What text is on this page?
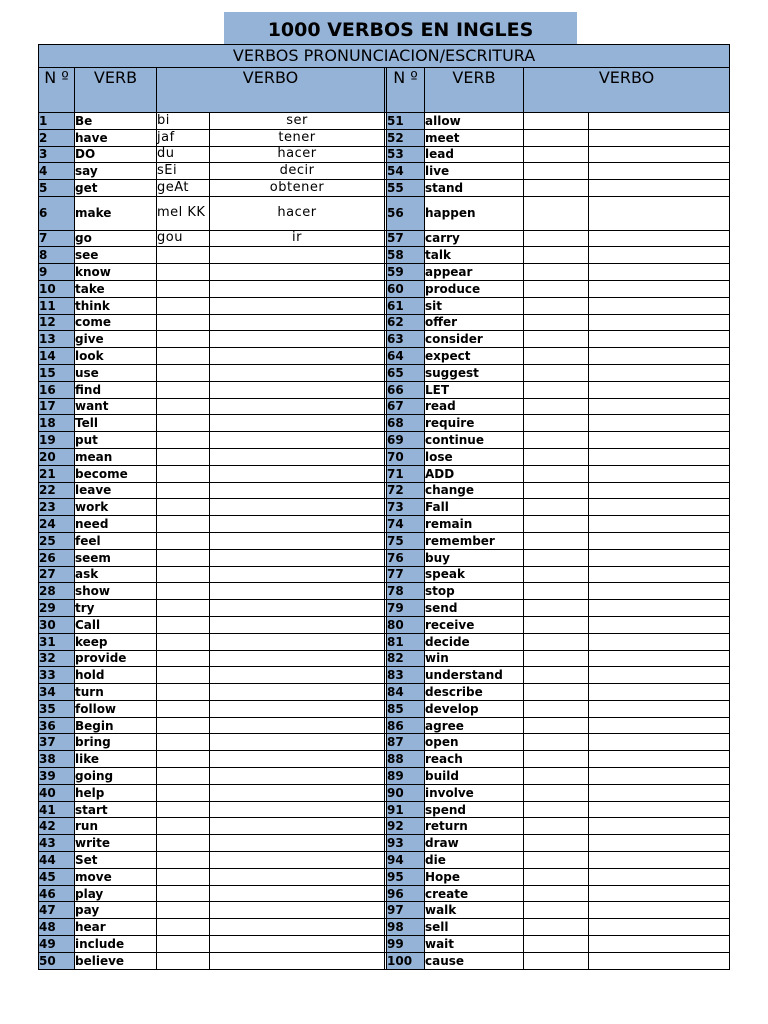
1000 VERBOS EN INGLES
VERBOS PRONUNCIACION/ESCRITURA								
N º	VERB	VERBO			N º	VERB	VERBO	
1	Be	bi	ser		51	allow		
2	have	jaf	tener		52	meet		
3	DO	du	hacer		53	lead		
4	say	sEi	decir		54	live		
5	get	geAt	obtener		55	stand		
6	make	mel KK	hacer		56	happen		
7	go	gou	ir		57	carry		
8	see				58	talk		
9	know				59	appear		
10	take				60	produce		
11	think				61	sit		
12	come				62	offer		
13	give				63	consider		
14	look				64	expect		
15	use				65	suggest		
16	find				66	LET		
17	want				67	read		
18	Tell				68	require		
19	put				69	continue		
20	mean				70	lose		
21	become				71	ADD		
22	leave				72	change		
23	work				73	Fall		
24	need				74	remain		
25	feel				75	remember		
26	seem				76	buy		
27	ask				77	speak		
28	show				78	stop		
29	try				79	send		
30	Call				80	receive		
31	keep				81	decide		
32	provide				82	win		
33	hold				83	understand		
34	turn				84	describe		
35	follow				85	develop		
36	Begin				86	agree		
37	bring				87	open		
38	like				88	reach		
39	going				89	build		
40	help				90	involve		
41	start				91	spend		
42	run				92	return		
43	write				93	draw		
44	Set				94	die		
45	move				95	Hope		
46	play				96	create		
47	pay				97	walk		
48	hear				98	sell		
49	include				99	wait		
50	believe				100	cause		
